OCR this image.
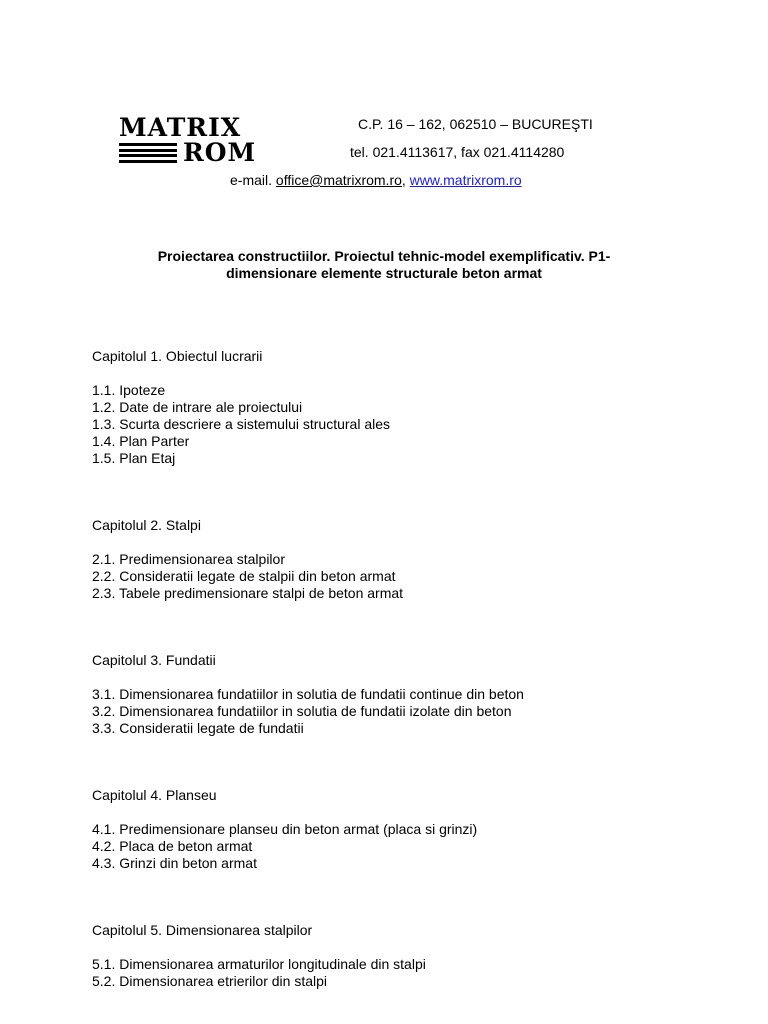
MATRIX
ROM
C.P. 16 – 162, 062510 – BUCUREŞTI
tel. 021.4113617, fax 021.4114280
e-mail. office@matrixrom.ro, www.matrixrom.ro
Proiectarea constructiilor. Proiectul tehnic-model exemplificativ. P1-
dimensionare elemente structurale beton armat
Capitolul 1. Obiectul lucrarii
1.1. Ipoteze
1.2. Date de intrare ale proiectului
1.3. Scurta descriere a sistemului structural ales
1.4. Plan Parter
1.5. Plan Etaj
Capitolul 2. Stalpi
2.1. Predimensionarea stalpilor
2.2. Consideratii legate de stalpii din beton armat
2.3. Tabele predimensionare stalpi de beton armat
Capitolul 3. Fundatii
3.1. Dimensionarea fundatiilor in solutia de fundatii continue din beton
3.2. Dimensionarea fundatiilor in solutia de fundatii izolate din beton
3.3. Consideratii legate de fundatii
Capitolul 4. Planseu
4.1. Predimensionare planseu din beton armat (placa si grinzi)
4.2. Placa de beton armat
4.3. Grinzi din beton armat
Capitolul 5. Dimensionarea stalpilor
5.1. Dimensionarea armaturilor longitudinale din stalpi
5.2. Dimensionarea etrierilor din stalpi
